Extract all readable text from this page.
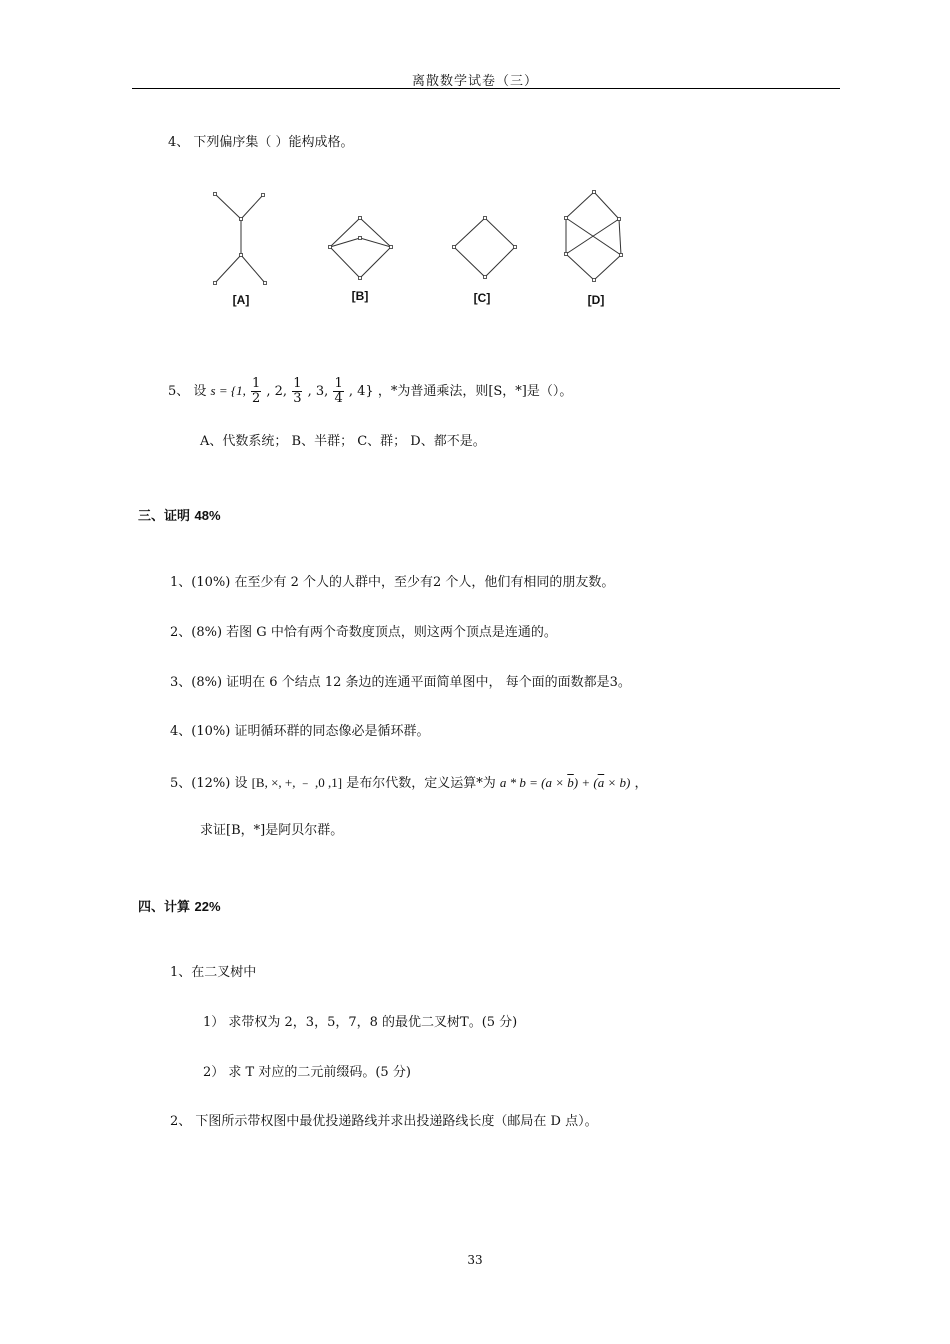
离散数学试卷（三）
4、 下列偏序集（ ）能构成格。
[A]	[B]	[C]	[D]
5、 设 s = {1, $\frac{1}{2}$ , 2, $\frac{1}{3}$ , 3, $\frac{1}{4}$ , 4} ，*为普通乘法，则[S，*]是（）。
A、代数系统； B、半群； C、群； D、都不是。
三、证明 48%
1、(10%) 在至少有 2 个人的人群中，至少有2 个人，他们有相同的朋友数。
2、(8%) 若图 G 中恰有两个奇数度顶点，则这两个顶点是连通的。
3、(8%) 证明在 6 个结点 12 条边的连通平面简单图中， 每个面的面数都是3。
4、(10%) 证明循环群的同态像必是循环群。
5、(12%) 设 [B, ×, +, ﹣ ,0 ,1] 是布尔代数，定义运算*为 $a * b = (a \times \overline{b}) + (\overline{a} \times b)$ ，
求证[B，*]是阿贝尔群。
四、计算 22%
1、在二叉树中
1） 求带权为 2，3，5，7，8 的最优二叉树T。(5 分)
2） 求 T 对应的二元前缀码。(5 分)
2、 下图所示带权图中最优投递路线并求出投递路线长度（邮局在 D 点）。
33
